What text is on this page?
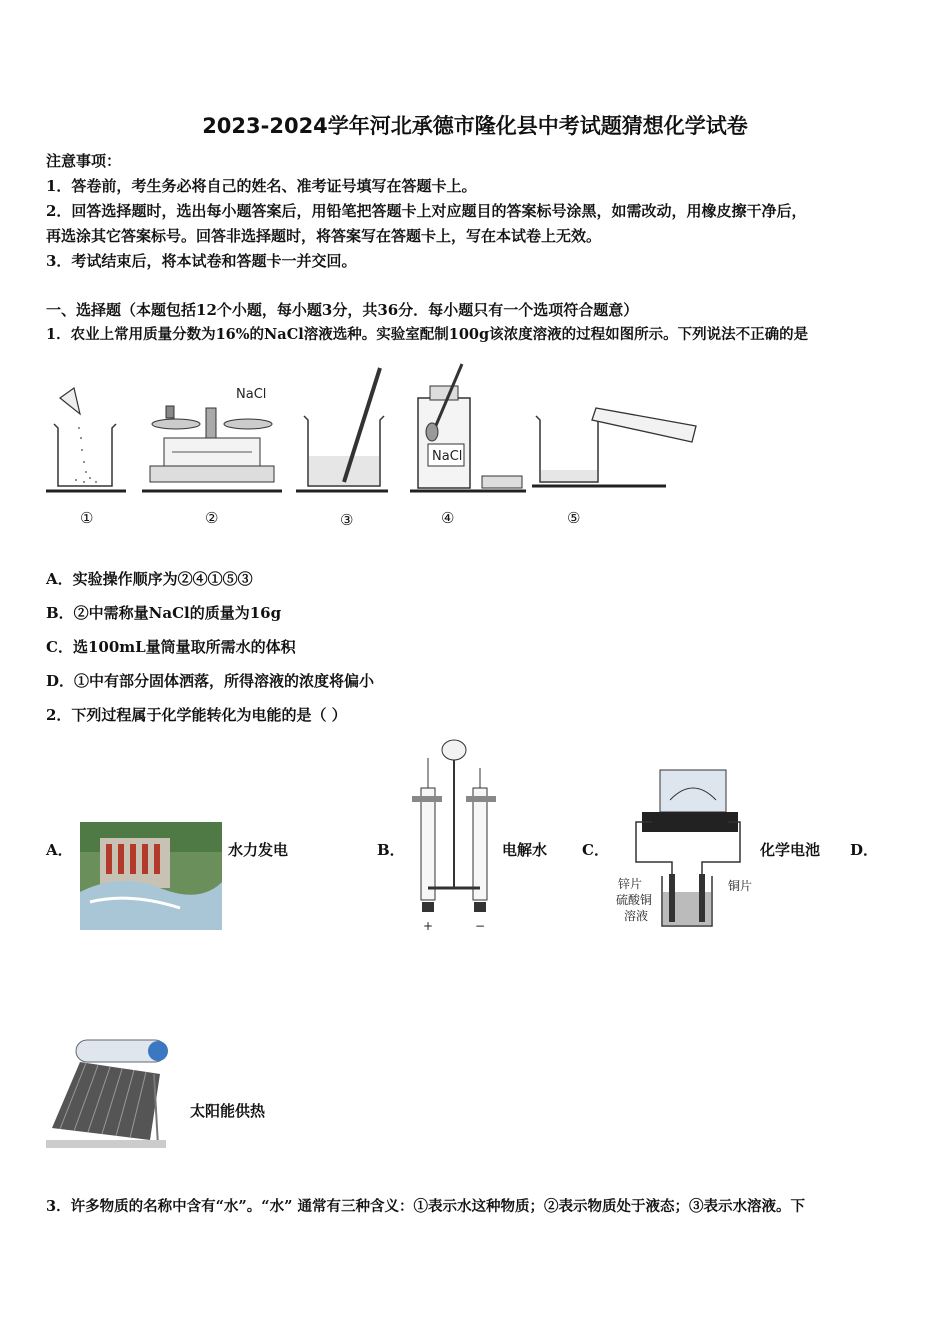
2023-2024学年河北承德市隆化县中考试题猜想化学试卷
注意事项：
1．答卷前，考生务必将自己的姓名、准考证号填写在答题卡上。
2．回答选择题时，选出每小题答案后，用铅笔把答题卡上对应题目的答案标号涂黑，如需改动，用橡皮擦干净后，
再选涂其它答案标号。回答非选择题时，将答案写在答题卡上，写在本试卷上无效。
3．考试结束后，将本试卷和答题卡一并交回。
一、选择题（本题包括12个小题，每小题3分，共36分．每小题只有一个选项符合题意）
1．农业上常用质量分数为16%的NaCl溶液选种。实验室配制100g该浓度溶液的过程如图所示。下列说法不正确的是
NaCl
NaCl
①	②	③	④	⑤
A．实验操作顺序为②④①⑤③
B．②中需称量NaCl的质量为16g
C．选100mL量筒量取所需水的体积
D．①中有部分固体洒落，所得溶液的浓度将偏小
2．下列过程属于化学能转化为电能的是（ ）
A．	水力发电	B．
+	−
电解水 C．
锌片
硫酸铜
溶液
铜片
化学电池 D．
太阳能供热
3．许多物质的名称中含有“水”。“水” 通常有三种含义：①表示水这种物质；②表示物质处于液态；③表示水溶液。下
